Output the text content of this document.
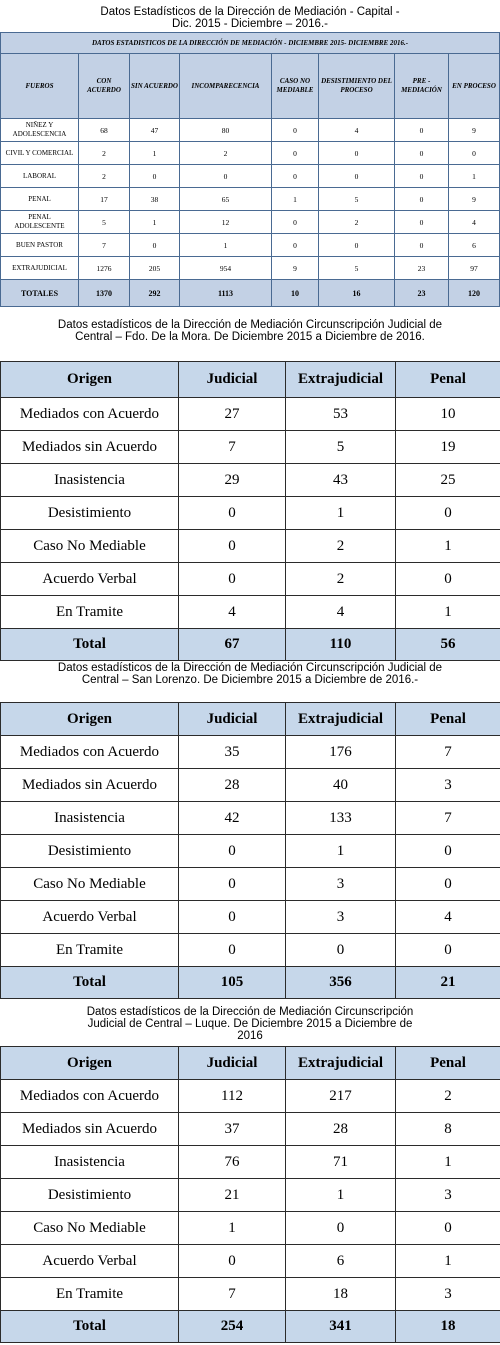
Datos Estadísticos de la Dirección de Mediación - Capital - Dic. 2015 - Diciembre – 2016.-
DATOS ESTADISTICOS DE LA DIRECCIÓN DE MEDIACIÓN - DICIEMBRE 2015- DICIEMBRE 2016.-							
FUEROS	CON ACUERDO	SIN ACUERDO	INCOMPARECENCIA	CASO NO MEDIABLE	DESISTIMIENTO DEL PROCESO	PRE - MEDIACIÓN	EN PROCESO
NIÑEZ Y ADOLESCENCIA	68	47	80	0	4	0	9
CIVIL Y COMERCIAL	2	1	2	0	0	0	0
LABORAL	2	0	0	0	0	0	1
PENAL	17	38	65	1	5	0	9
PENAL ADOLESCENTE	5	1	12	0	2	0	4
BUEN PASTOR	7	0	1	0	0	0	6
EXTRAJUDICIAL	1276	205	954	9	5	23	97
TOTALES	1370	292	1113	10	16	23	120
Datos estadísticos de la Dirección de Mediación Circunscripción Judicial de Central – Fdo. De la Mora. De Diciembre 2015 a Diciembre de 2016.
Origen	Judicial	Extrajudicial	Penal
Mediados con Acuerdo	27	53	10
Mediados sin Acuerdo	7	5	19
Inasistencia	29	43	25
Desistimiento	0	1	0
Caso No Mediable	0	2	1
Acuerdo Verbal	0	2	0
En Tramite	4	4	1
Total	67	110	56
Datos estadísticos de la Dirección de Mediación Circunscripción Judicial de Central – San Lorenzo. De Diciembre 2015 a Diciembre de 2016.-
Origen	Judicial	Extrajudicial	Penal
Mediados con Acuerdo	35	176	7
Mediados sin Acuerdo	28	40	3
Inasistencia	42	133	7
Desistimiento	0	1	0
Caso No Mediable	0	3	0
Acuerdo Verbal	0	3	4
En Tramite	0	0	0
Total	105	356	21
Datos estadísticos de la Dirección de Mediación Circunscripción Judicial de Central – Luque. De Diciembre 2015 a Diciembre de 2016
Origen	Judicial	Extrajudicial	Penal
Mediados con Acuerdo	112	217	2
Mediados sin Acuerdo	37	28	8
Inasistencia	76	71	1
Desistimiento	21	1	3
Caso No Mediable	1	0	0
Acuerdo Verbal	0	6	1
En Tramite	7	18	3
Total	254	341	18
